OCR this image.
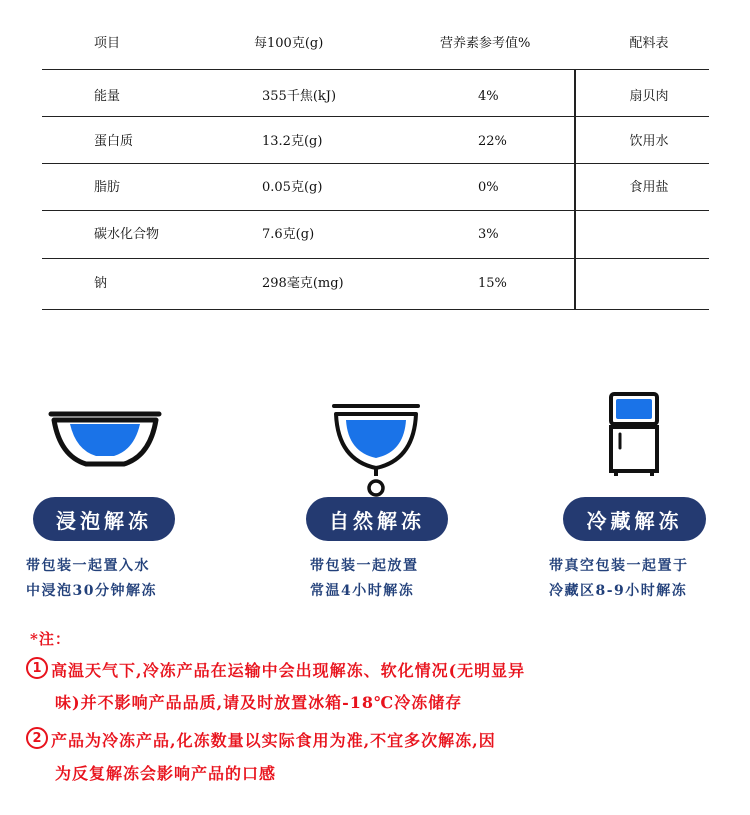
项目	每100克(g)	营养素参考值%	配料表
能量	355千焦(kJ)	4%	扇贝肉
蛋白质	13.2克(g)	22%	饮用水
脂肪	0.05克(g)	0%	食用盐
碳水化合物	7.6克(g)	3%
钠	298毫克(mg)	15%
浸泡解冻
带包装一起置入水
中浸泡30分钟解冻
自然解冻
带包装一起放置
常温4小时解冻
冷藏解冻
带真空包装一起置于
冷藏区8-9小时解冻
*注：
1 高温天气下,冷冻产品在运输中会出现解冻、软化情况(无明显异
味)并不影响产品品质,请及时放置冰箱-18℃冷冻储存
2 产品为冷冻产品,化冻数量以实际食用为准,不宜多次解冻,因
为反复解冻会影响产品的口感
